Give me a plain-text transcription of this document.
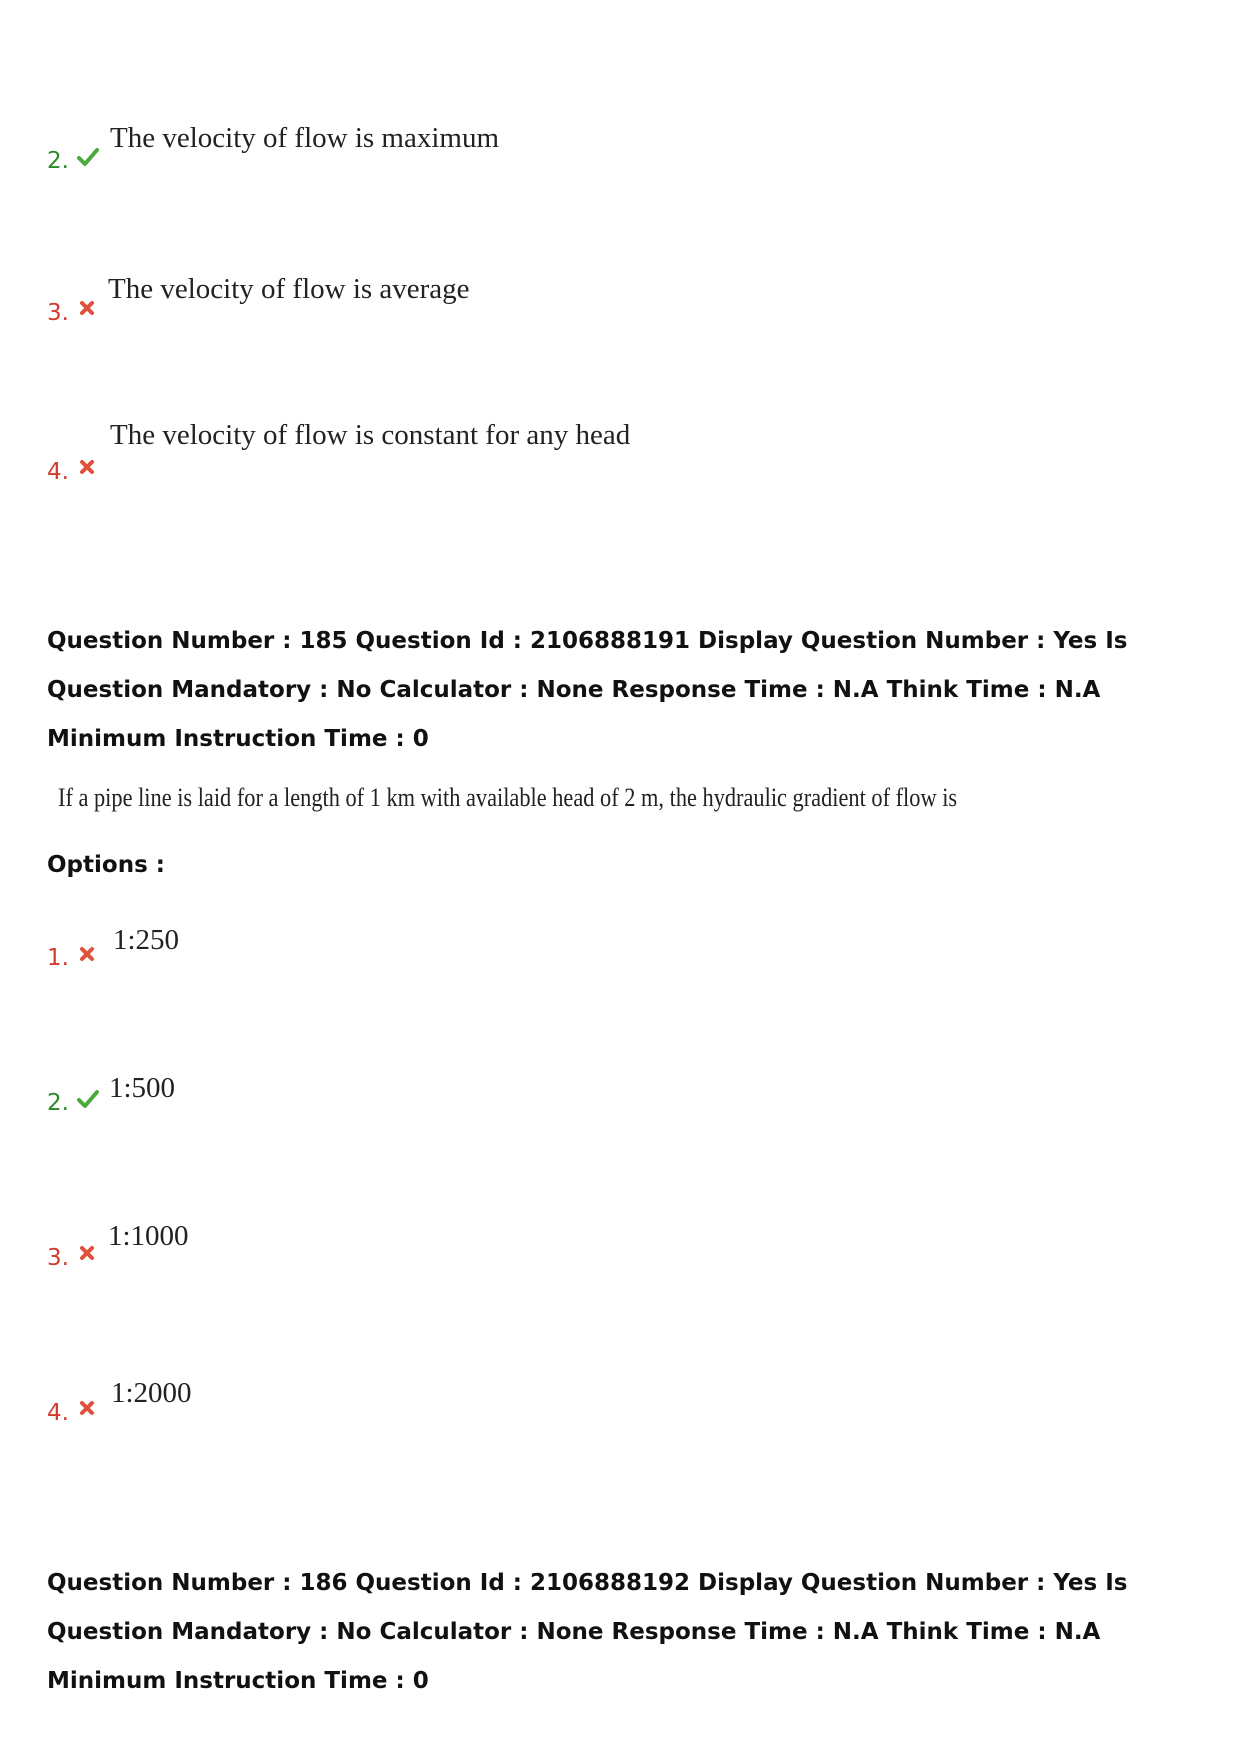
2.
The velocity of flow is maximum
3.
The velocity of flow is average
4.
The velocity of flow is constant for any head
Question Number : 185 Question Id : 2106888191 Display Question Number : Yes Is Question Mandatory : No Calculator : None Response Time : N.A Think Time : N.A Minimum Instruction Time : 0
If a pipe line is laid for a length of 1 km with available head of 2 m, the hydraulic gradient of flow is
Options :
1.
1:250
2. 1:500
3.
1:1000
4.
1:2000
Question Number : 186 Question Id : 2106888192 Display Question Number : Yes Is Question Mandatory : No Calculator : None Response Time : N.A Think Time : N.A Minimum Instruction Time : 0
